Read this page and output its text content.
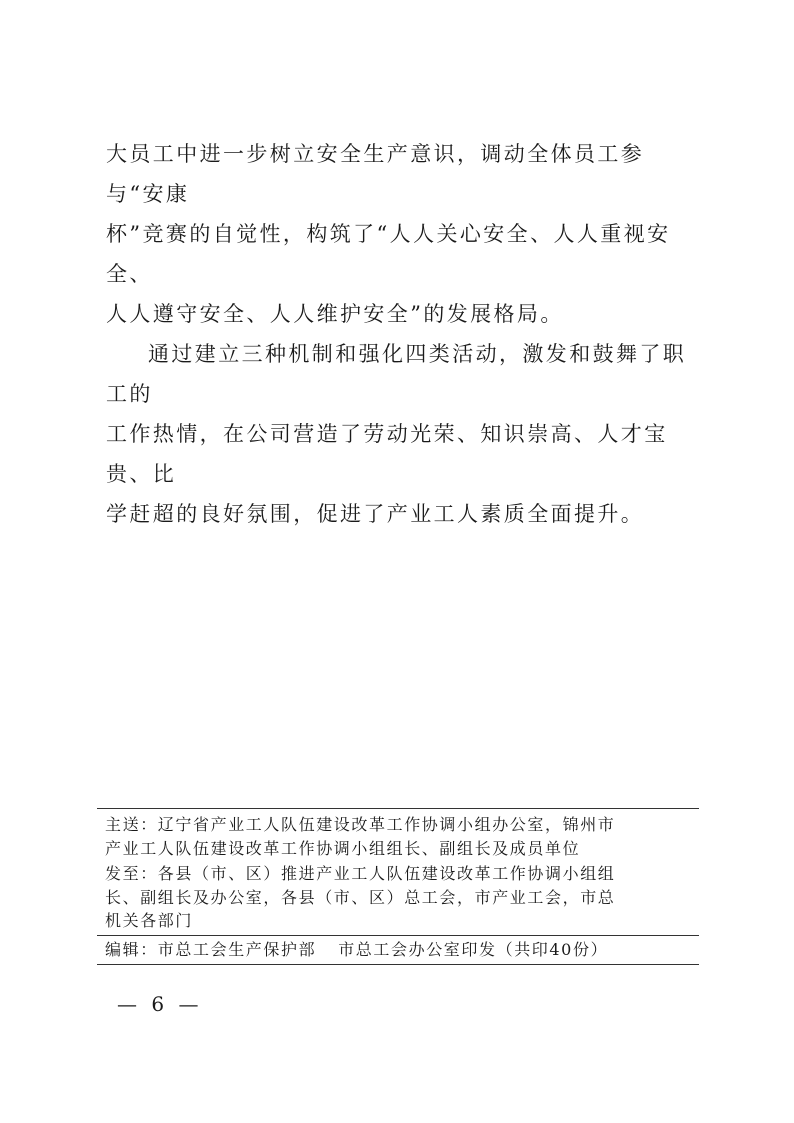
大员工中进一步树立安全生产意识，调动全体员工参与“安康
杯”竞赛的自觉性，构筑了“人人关心安全、人人重视安全、
人人遵守安全、人人维护安全”的发展格局。

通过建立三种机制和强化四类活动，激发和鼓舞了职工的
工作热情，在公司营造了劳动光荣、知识崇高、人才宝贵、比
学赶超的良好氛围，促进了产业工人素质全面提升。

主送：辽宁省产业工人队伍建设改革工作协调小组办公室，锦州市
产业工人队伍建设改革工作协调小组组长、副组长及成员单位
发至：各县（市、区）推进产业工人队伍建设改革工作协调小组组
长、副组长及办公室，各县（市、区）总工会，市产业工会，市总
机关各部门
编辑：市总工会生产保护部 市总工会办公室印发（共印40份）
— 6 —
